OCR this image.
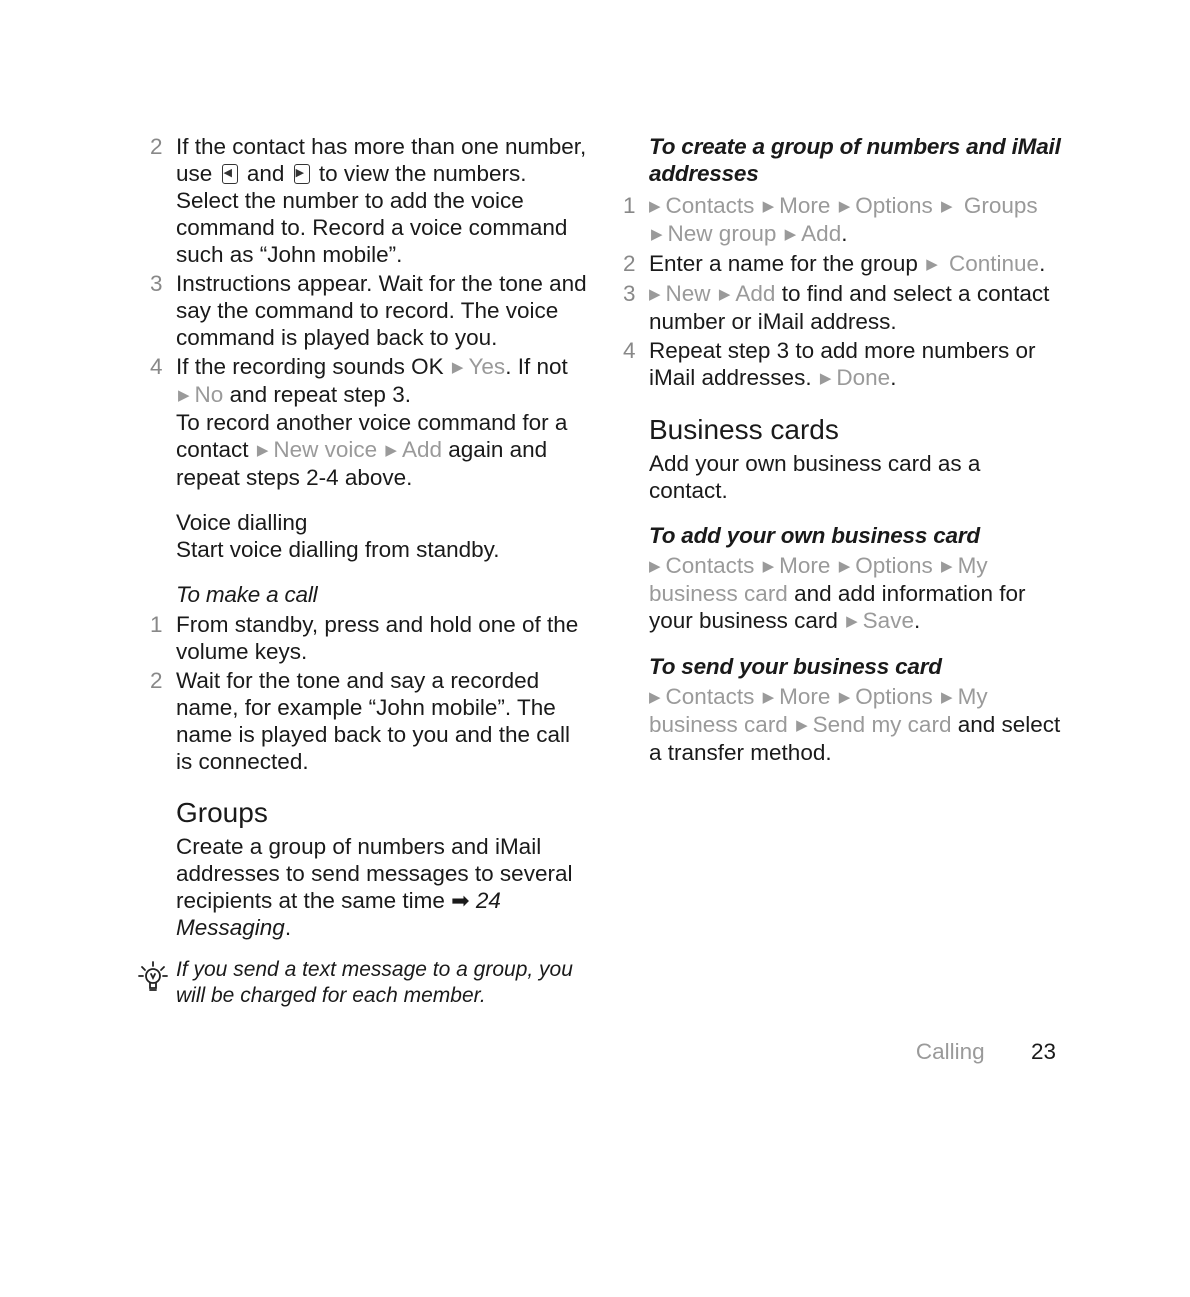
2 If the contact has more than one number, use ◀ and ▶ to view the numbers. Select the number to add the voice command to. Record a voice command such as “John mobile”.
3 Instructions appear. Wait for the tone and say the command to record. The voice command is played back to you.
4 If the recording sounds OK ▶ Yes. If not ▶ No and repeat step 3.
To record another voice command for a contact ▶ New voice ▶ Add again and repeat steps 2-4 above.
Voice dialling
Start voice dialling from standby.
To make a call
1 From standby, press and hold one of the volume keys.
2 Wait for the tone and say a recorded name, for example “John mobile”. The name is played back to you and the call is connected.
Groups
Create a group of numbers and iMail addresses to send messages to several recipients at the same time ➡ 24 Messaging.
If you send a text message to a group, you will be charged for each member.
To create a group of numbers and iMail addresses
1 ▶ Contacts ▶ More ▶ Options ▶ Groups ▶ New group ▶ Add.
2 Enter a name for the group ▶ Continue.
3 ▶ New ▶ Add to find and select a contact number or iMail address.
4 Repeat step 3 to add more numbers or iMail addresses. ▶ Done.
Business cards
Add your own business card as a contact.
To add your own business card
▶ Contacts ▶ More ▶ Options ▶ My business card and add information for your business card ▶ Save.
To send your business card
▶ Contacts ▶ More ▶ Options ▶ My business card ▶ Send my card and select a transfer method.
Calling 23
